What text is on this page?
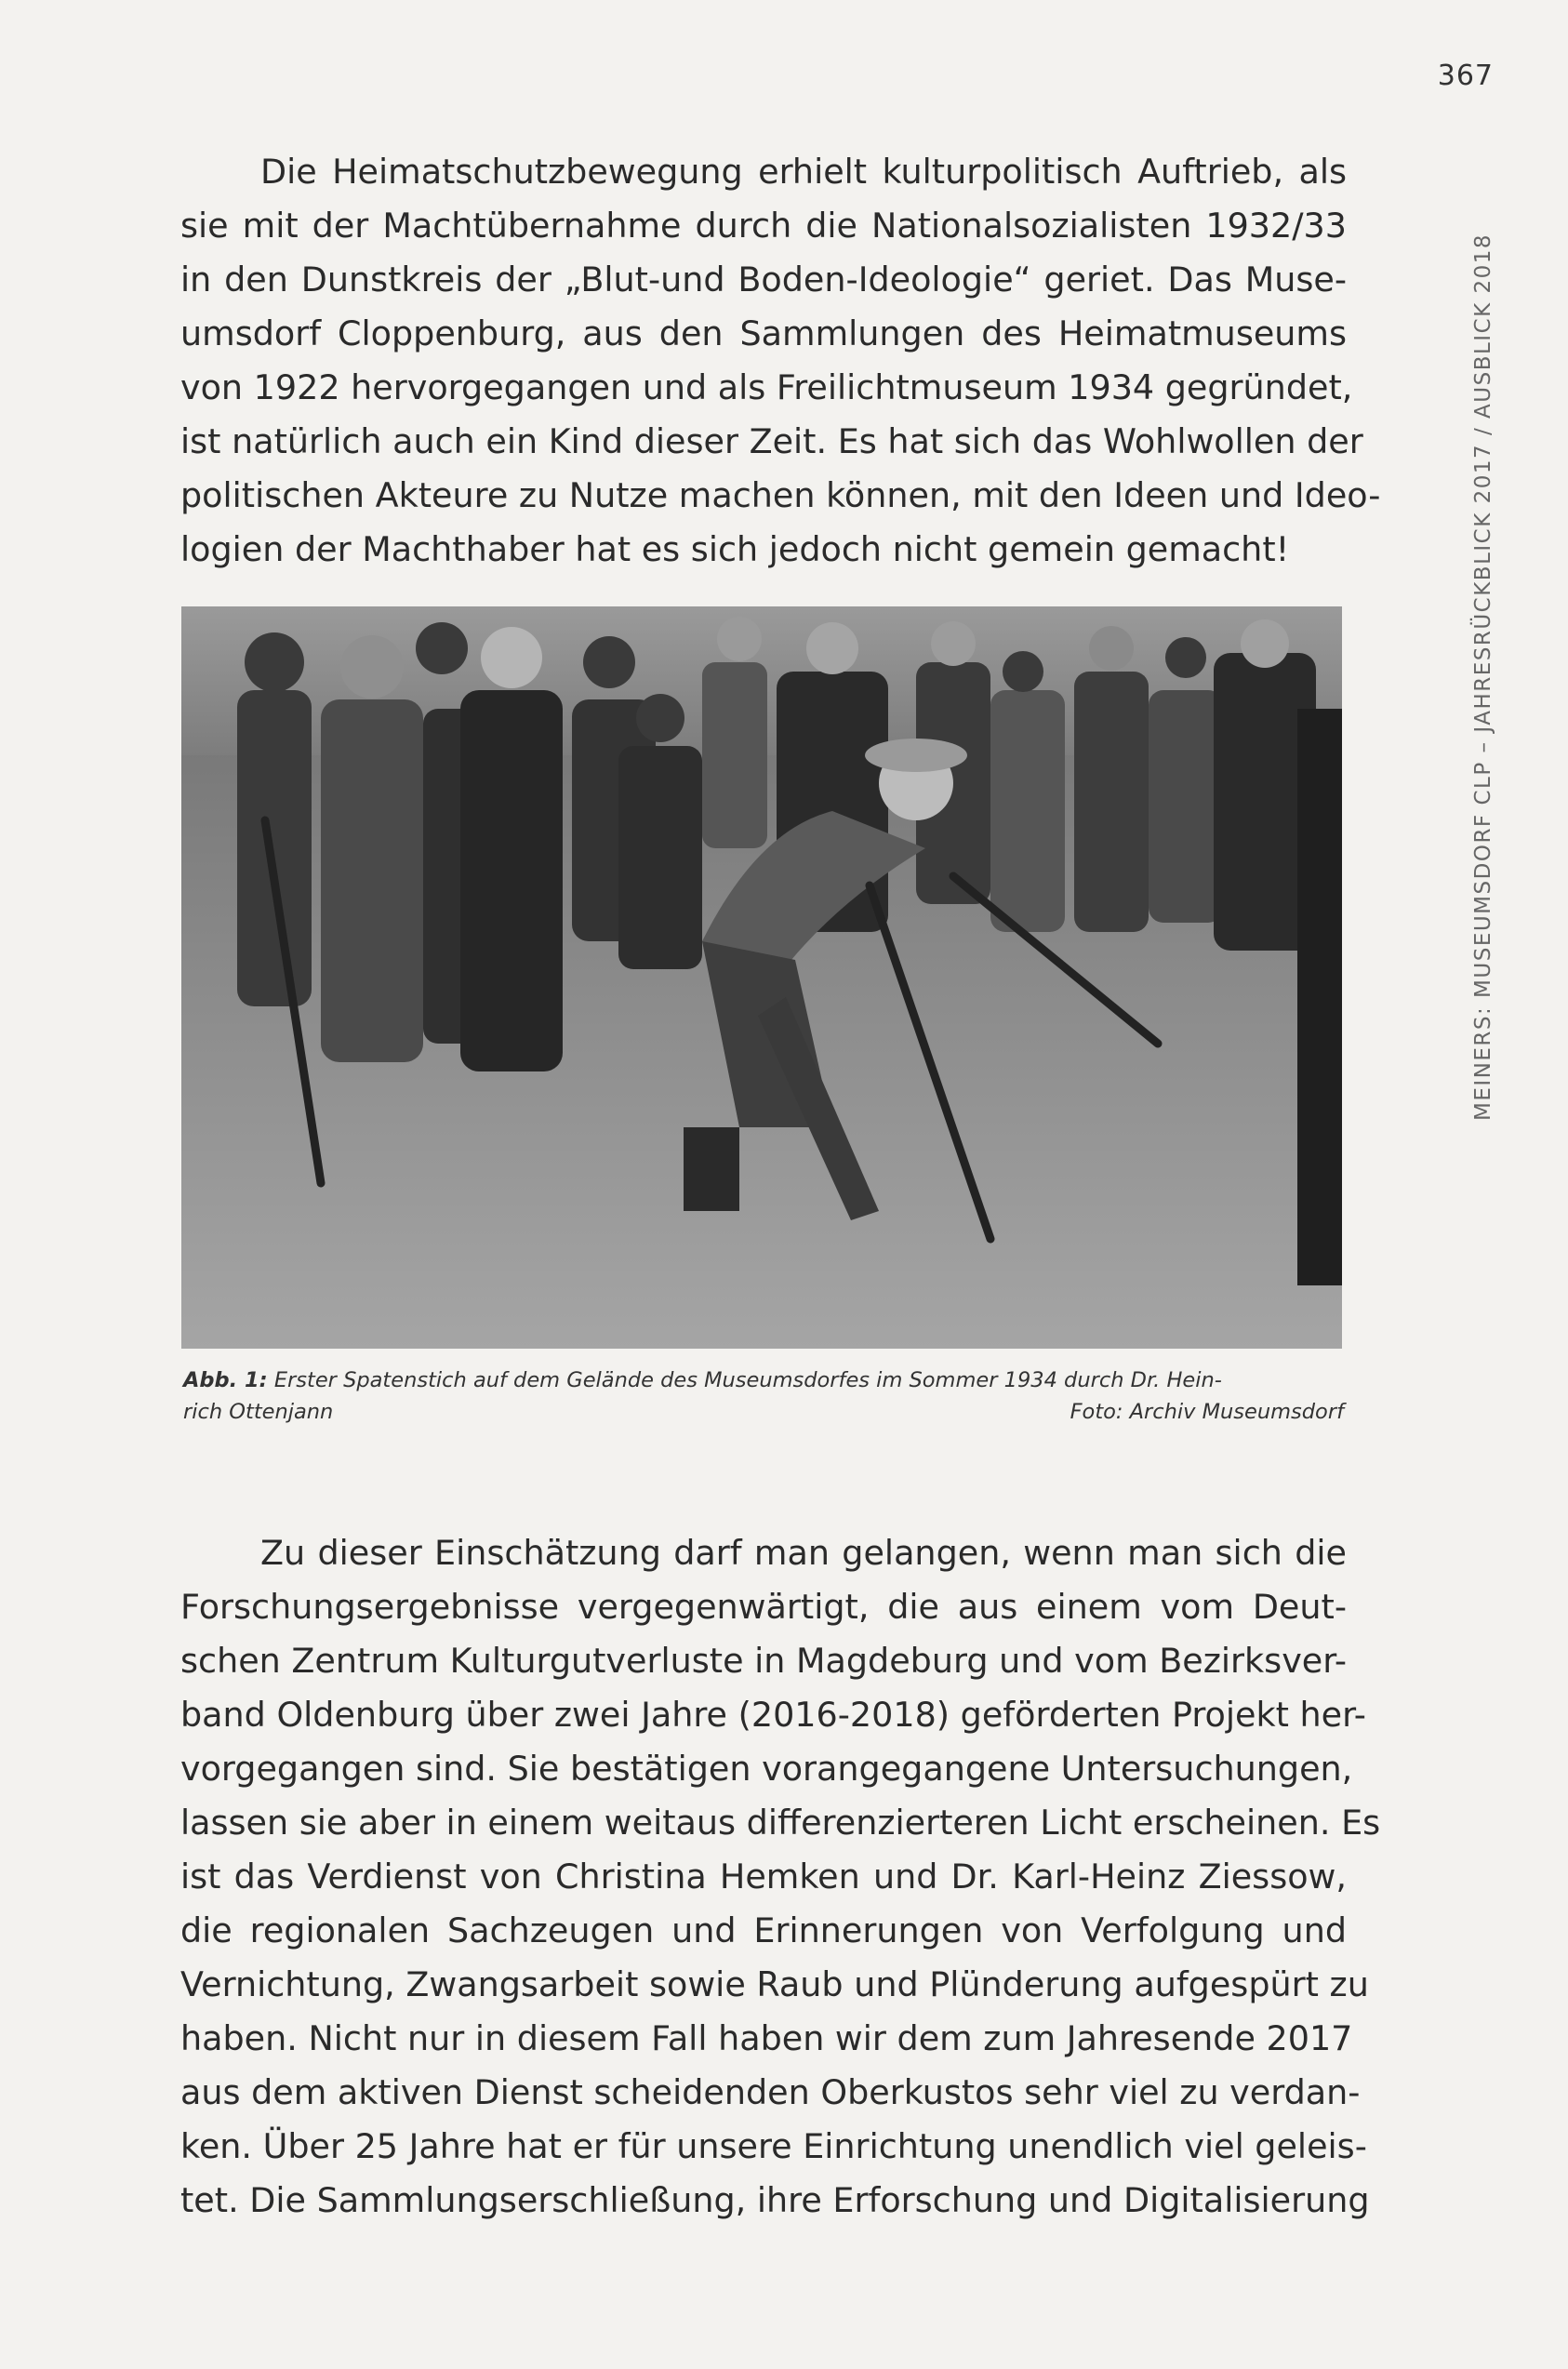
367
MEINERS: MUSEUMSDORF CLP – JAHRESRÜCKBLICK 2017 / AUSBLICK 2018
Die Heimatschutzbewegung erhielt kulturpolitisch Auftrieb, als
sie mit der Machtübernahme durch die Nationalsozialisten 1932/33
in den Dunstkreis der „Blut-und Boden-Ideologie“ geriet. Das Muse-
umsdorf Cloppenburg, aus den Sammlungen des Heimatmuseums
von 1922 hervorgegangen und als Freilichtmuseum 1934 gegründet,
ist natürlich auch ein Kind dieser Zeit. Es hat sich das Wohlwollen der
politischen Akteure zu Nutze machen können, mit den Ideen und Ideo-
logien der Machthaber hat es sich jedoch nicht gemein gemacht!
Abb. 1: Erster Spatenstich auf dem Gelände des Museumsdorfes im Sommer 1934 durch Dr. Hein-
rich Ottenjann	Foto: Archiv Museumsdorf
Zu dieser Einschätzung darf man gelangen, wenn man sich die
Forschungsergebnisse vergegenwärtigt, die aus einem vom Deut-
schen Zentrum Kulturgutverluste in Magdeburg und vom Bezirksver-
band Oldenburg über zwei Jahre (2016-2018) geförderten Projekt her-
vorgegangen sind. Sie bestätigen vorangegangene Untersuchungen,
lassen sie aber in einem weitaus differenzierteren Licht erscheinen. Es
ist das Verdienst von Christina Hemken und Dr. Karl-Heinz Ziessow,
die regionalen Sachzeugen und Erinnerungen von Verfolgung und
Vernichtung, Zwangsarbeit sowie Raub und Plünderung aufgespürt zu
haben. Nicht nur in diesem Fall haben wir dem zum Jahresende 2017
aus dem aktiven Dienst scheidenden Oberkustos sehr viel zu verdan-
ken. Über 25 Jahre hat er für unsere Einrichtung unendlich viel geleis-
tet. Die Sammlungserschließung, ihre Erforschung und Digitalisierung
